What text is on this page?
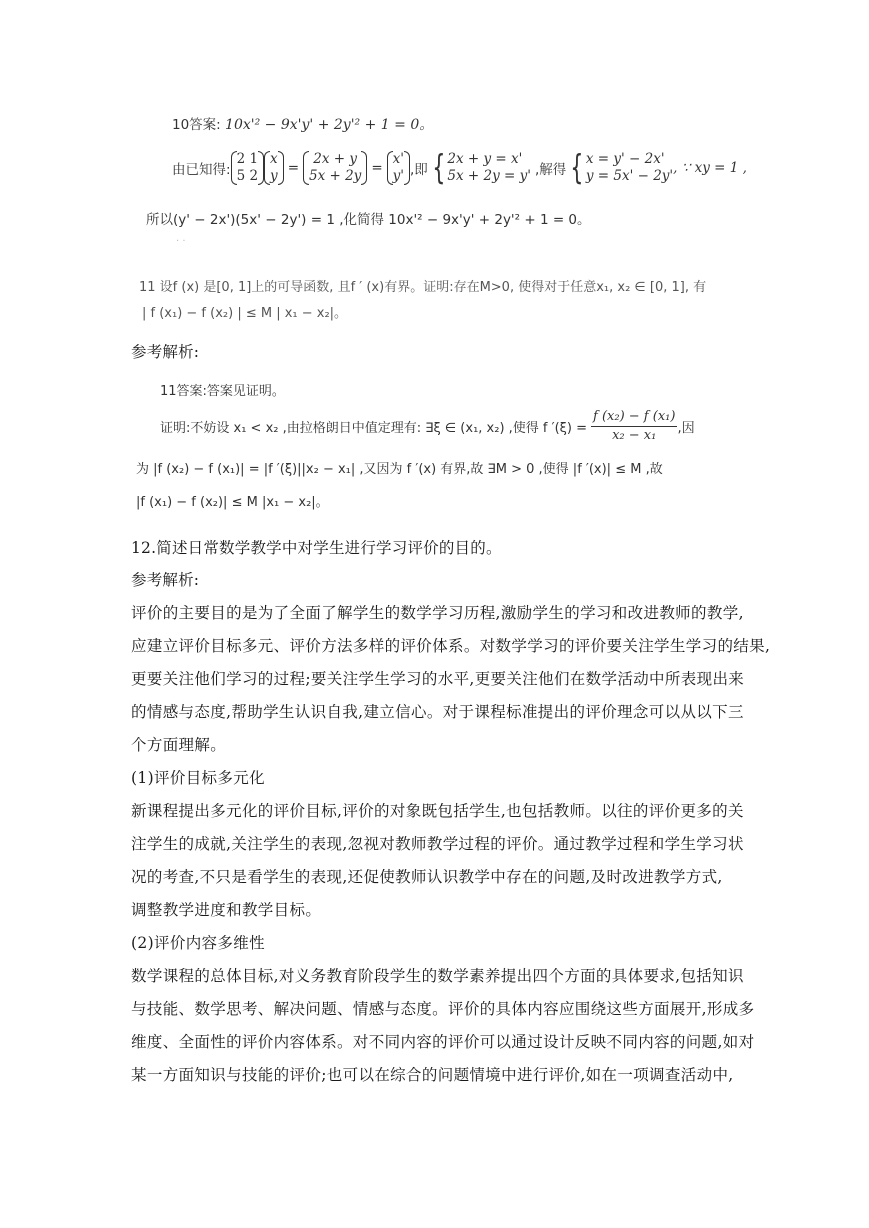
10答案: 10x'² − 9x'y' + 2y'² + 1 = 0。
由已知得:
2 1
5 2
x
y =
2x + y
5x + 2y =
x'
y' ,即 { 2x + y = x'
5x + 2y = y' ,解得 { x = y' − 2x'
y = 5x' − 2y' , ∵ xy = 1 ,
所以(y' − 2x')(5x' − 2y') = 1 ,化简得 10x'² − 9x'y' + 2y'² + 1 = 0。
· ·
11 设f (x) 是[0, 1]上的可导函数, 且f ′ (x)有界。证明:存在M>0, 使得对于任意x₁, x₂ ∈ [0, 1], 有
| f (x₁) − f (x₂) | ≤ M | x₁ − x₂|。
参考解析:
11答案:答案见证明。
证明:不妨设 x₁ < x₂ ,由拉格朗日中值定理有: ∃ξ ∈ (x₁, x₂) ,使得 f $'(\xi) = \frac{\text{f (x₂) − f (x₁)}}{\text{x₂ − x₁}}$ ,因
为 |f (x₂) − f (x₁)| = |f ′(ξ)||x₂ − x₁| ,又因为 f ′(x) 有界,故 ∃M > 0 ,使得 |f ′(x)| ≤ M ,故
|f (x₁) − f (x₂)| ≤ M |x₁ − x₂|。
12.简述日常数学教学中对学生进行学习评价的目的。
参考解析:
评价的主要目的是为了全面了解学生的数学学习历程,激励学生的学习和改进教师的教学,
应建立评价目标多元、评价方法多样的评价体系。对数学学习的评价要关注学生学习的结果,
更要关注他们学习的过程;要关注学生学习的水平,更要关注他们在数学活动中所表现出来
的情感与态度,帮助学生认识自我,建立信心。对于课程标准提出的评价理念可以从以下三
个方面理解。
(1)评价目标多元化
新课程提出多元化的评价目标,评价的对象既包括学生,也包括教师。以往的评价更多的关
注学生的成就,关注学生的表现,忽视对教师教学过程的评价。通过教学过程和学生学习状
况的考查,不只是看学生的表现,还促使教师认识教学中存在的问题,及时改进教学方式,
调整教学进度和教学目标。
(2)评价内容多维性
数学课程的总体目标,对义务教育阶段学生的数学素养提出四个方面的具体要求,包括知识
与技能、数学思考、解决问题、情感与态度。评价的具体内容应围绕这些方面展开,形成多
维度、全面性的评价内容体系。对不同内容的评价可以通过设计反映不同内容的问题,如对
某一方面知识与技能的评价;也可以在综合的问题情境中进行评价,如在一项调查活动中,
